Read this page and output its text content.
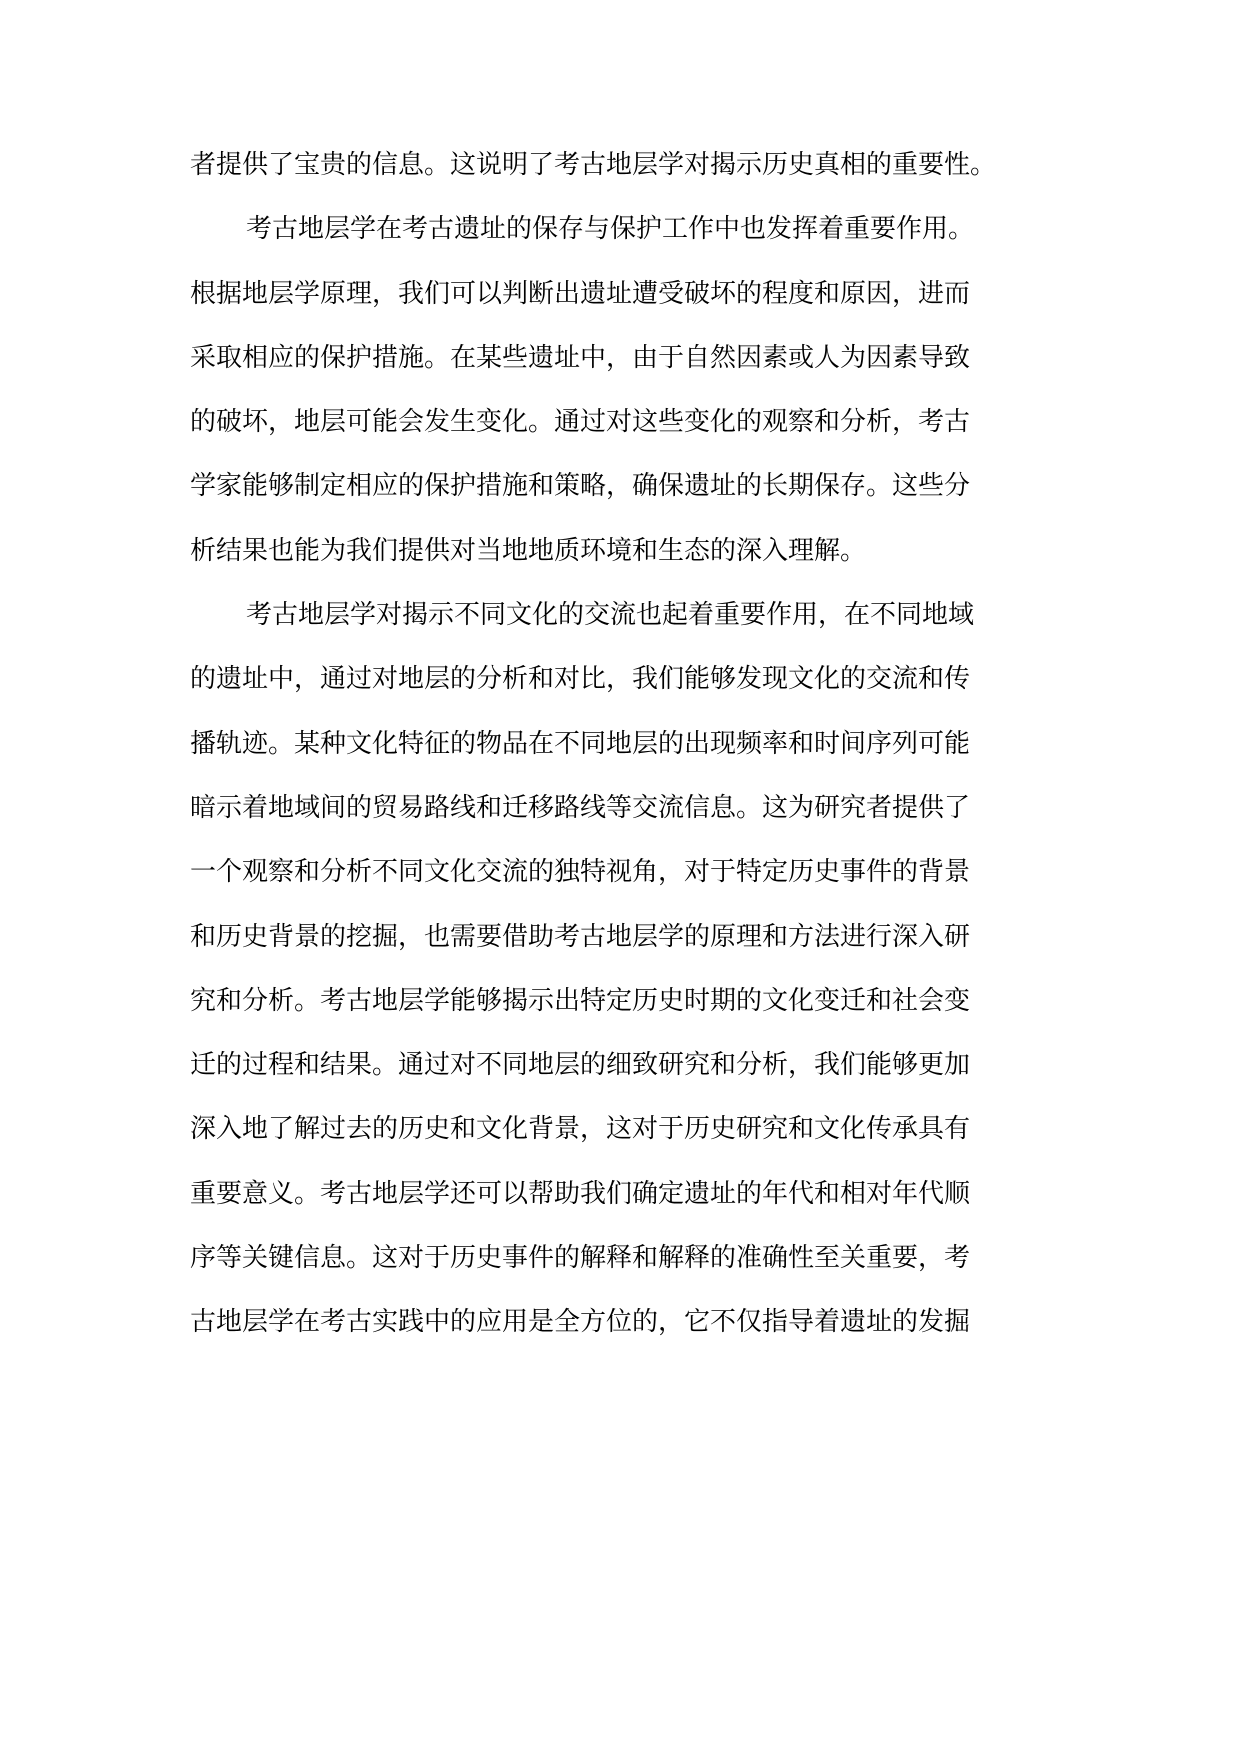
者提供了宝贵的信息。这说明了考古地层学对揭示历史真相的重要性。
考古地层学在考古遗址的保存与保护工作中也发挥着重要作用。
根据地层学原理，我们可以判断出遗址遭受破坏的程度和原因，进而
采取相应的保护措施。在某些遗址中，由于自然因素或人为因素导致
的破坏，地层可能会发生变化。通过对这些变化的观察和分析，考古
学家能够制定相应的保护措施和策略，确保遗址的长期保存。这些分
析结果也能为我们提供对当地地质环境和生态的深入理解。
考古地层学对揭示不同文化的交流也起着重要作用，在不同地域
的遗址中，通过对地层的分析和对比，我们能够发现文化的交流和传
播轨迹。某种文化特征的物品在不同地层的出现频率和时间序列可能
暗示着地域间的贸易路线和迁移路线等交流信息。这为研究者提供了
一个观察和分析不同文化交流的独特视角，对于特定历史事件的背景
和历史背景的挖掘，也需要借助考古地层学的原理和方法进行深入研
究和分析。考古地层学能够揭示出特定历史时期的文化变迁和社会变
迁的过程和结果。通过对不同地层的细致研究和分析，我们能够更加
深入地了解过去的历史和文化背景，这对于历史研究和文化传承具有
重要意义。考古地层学还可以帮助我们确定遗址的年代和相对年代顺
序等关键信息。这对于历史事件的解释和解释的准确性至关重要，考
古地层学在考古实践中的应用是全方位的，它不仅指导着遗址的发掘
